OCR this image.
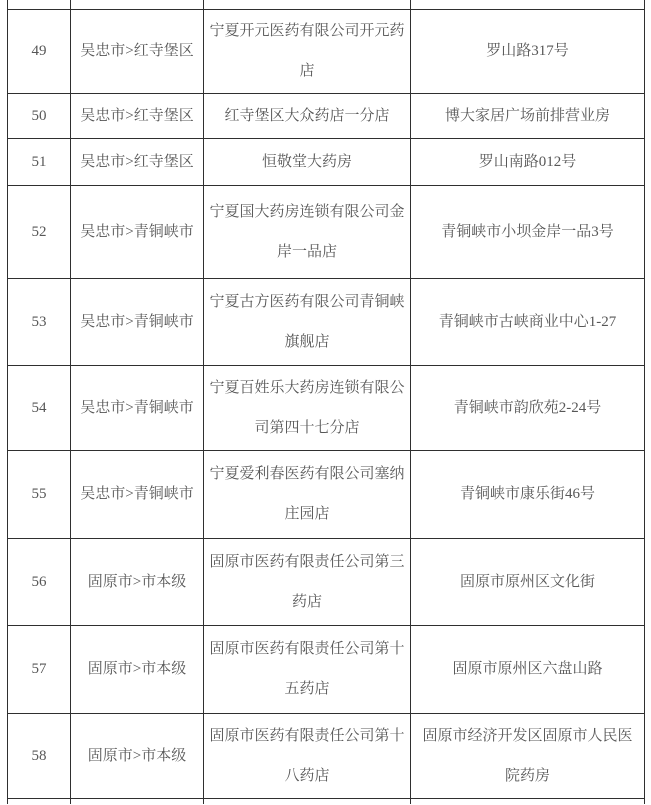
49	吴忠市>红寺堡区	宁夏开元医药有限公司开元药店	罗山路317号
50	吴忠市>红寺堡区	红寺堡区大众药店一分店	博大家居广场前排营业房
51	吴忠市>红寺堡区	恒敬堂大药房	罗山南路012号
52	吴忠市>青铜峡市	宁夏国大药房连锁有限公司金岸一品店	青铜峡市小坝金岸一品3号
53	吴忠市>青铜峡市	宁夏古方医药有限公司青铜峡旗舰店	青铜峡市古峡商业中心1-27
54	吴忠市>青铜峡市	宁夏百姓乐大药房连锁有限公司第四十七分店	青铜峡市韵欣苑2-24号
55	吴忠市>青铜峡市	宁夏爱利春医药有限公司塞纳庄园店	青铜峡市康乐街46号
56	固原市>市本级	固原市医药有限责任公司第三药店	固原市原州区文化街
57	固原市>市本级	固原市医药有限责任公司第十五药店	固原市原州区六盘山路
58	固原市>市本级	固原市医药有限责任公司第十八药店	固原市经济开发区固原市人民医院药房
